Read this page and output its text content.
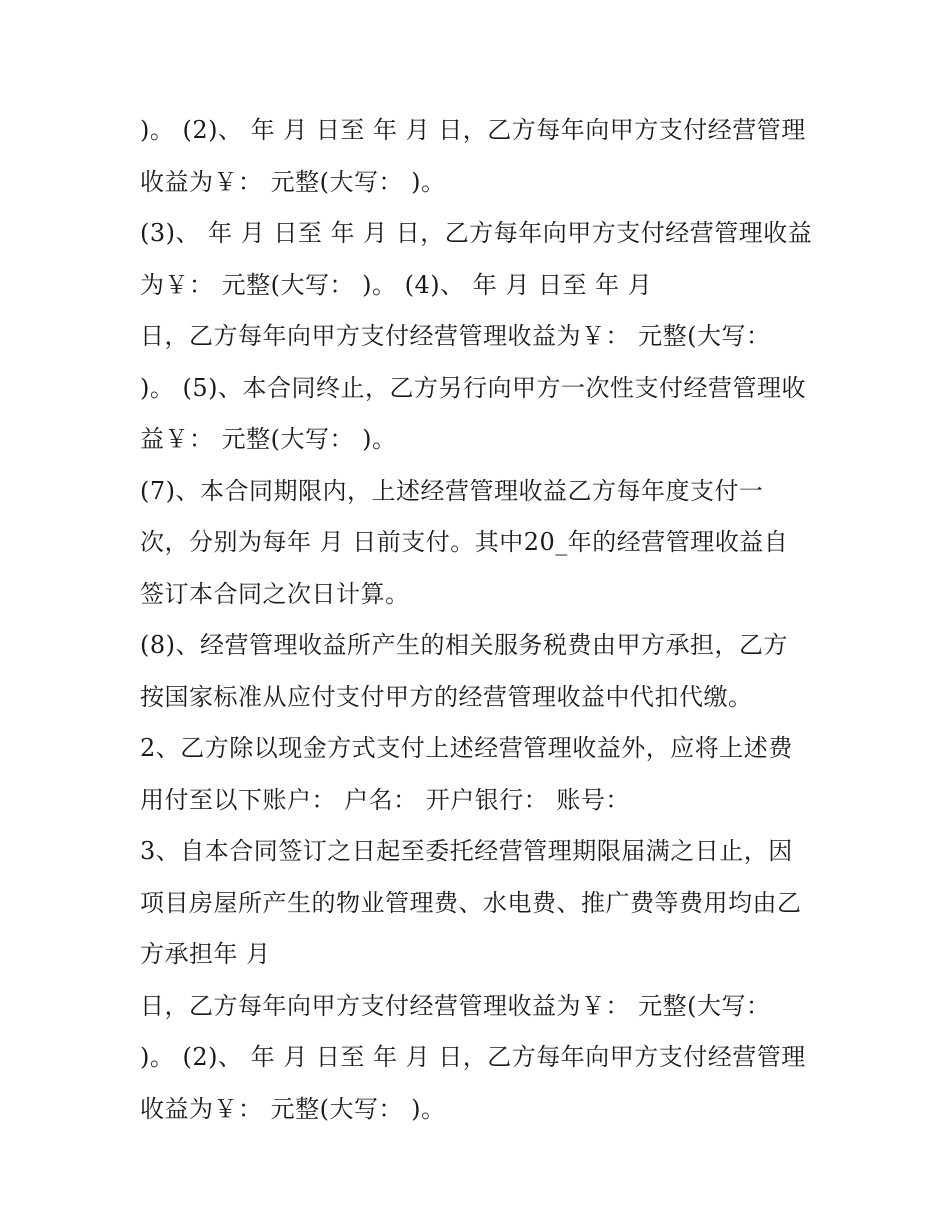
)。 (2)、 年 月 日至 年 月 日，乙方每年向甲方支付经营管理
收益为￥： 元整(大写： )。
(3)、 年 月 日至 年 月 日，乙方每年向甲方支付经营管理收益
为￥： 元整(大写： )。 (4)、 年 月 日至 年 月
日，乙方每年向甲方支付经营管理收益为￥： 元整(大写：
)。 (5)、本合同终止，乙方另行向甲方一次性支付经营管理收
益￥： 元整(大写： )。
(7)、本合同期限内，上述经营管理收益乙方每年度支付一
次，分别为每年 月 日前支付。其中20_年的经营管理收益自
签订本合同之次日计算。
(8)、经营管理收益所产生的相关服务税费由甲方承担，乙方
按国家标准从应付支付甲方的经营管理收益中代扣代缴。
2、乙方除以现金方式支付上述经营管理收益外，应将上述费
用付至以下账户： 户名： 开户银行： 账号：
3、自本合同签订之日起至委托经营管理期限届满之日止，因
项目房屋所产生的物业管理费、水电费、推广费等费用均由乙
方承担年 月
日，乙方每年向甲方支付经营管理收益为￥： 元整(大写：
)。 (2)、 年 月 日至 年 月 日，乙方每年向甲方支付经营管理
收益为￥： 元整(大写： )。
